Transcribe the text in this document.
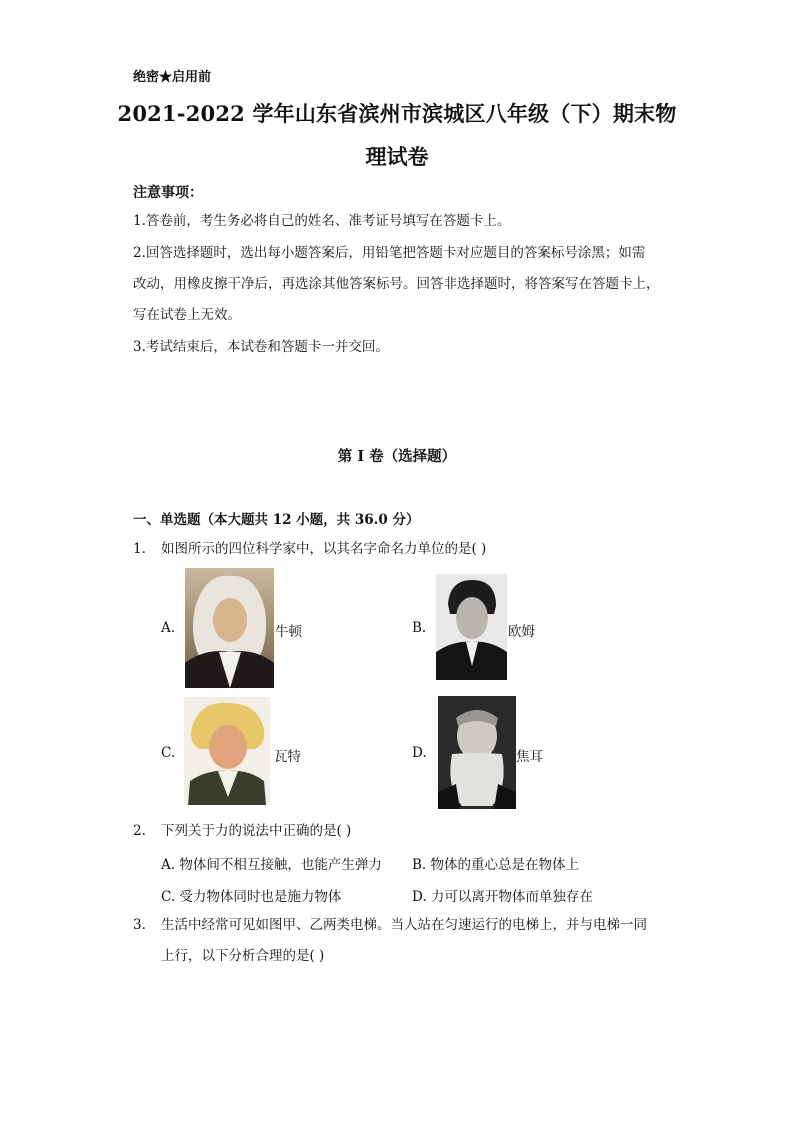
绝密★启用前
2021-2022 学年山东省滨州市滨城区八年级（下）期末物
理试卷
注意事项：
1.答卷前，考生务必将自己的姓名、准考证号填写在答题卡上。
2.回答选择题时，选出每小题答案后，用铅笔把答题卡对应题目的答案标号涂黑；如需
改动，用橡皮擦干净后，再选涂其他答案标号。回答非选择题时，将答案写在答题卡上，
写在试卷上无效。
3.考试结束后，本试卷和答题卡一并交回。
第 I 卷（选择题）
一、单选题（本大题共 12 小题，共 36.0 分）
1. 如图所示的四位科学家中，以其名字命名力单位的是( )
A.	牛顿	B.	欧姆
C.	瓦特	D.	焦耳
2. 下列关于力的说法中正确的是( )
A. 物体间不相互接触，也能产生弹力 B. 物体的重心总是在物体上
C. 受力物体同时也是施力物体	D. 力可以离开物体而单独存在
3. 生活中经常可见如图甲、乙两类电梯。当人站在匀速运行的电梯上，并与电梯一同
上行，以下分析合理的是( )
